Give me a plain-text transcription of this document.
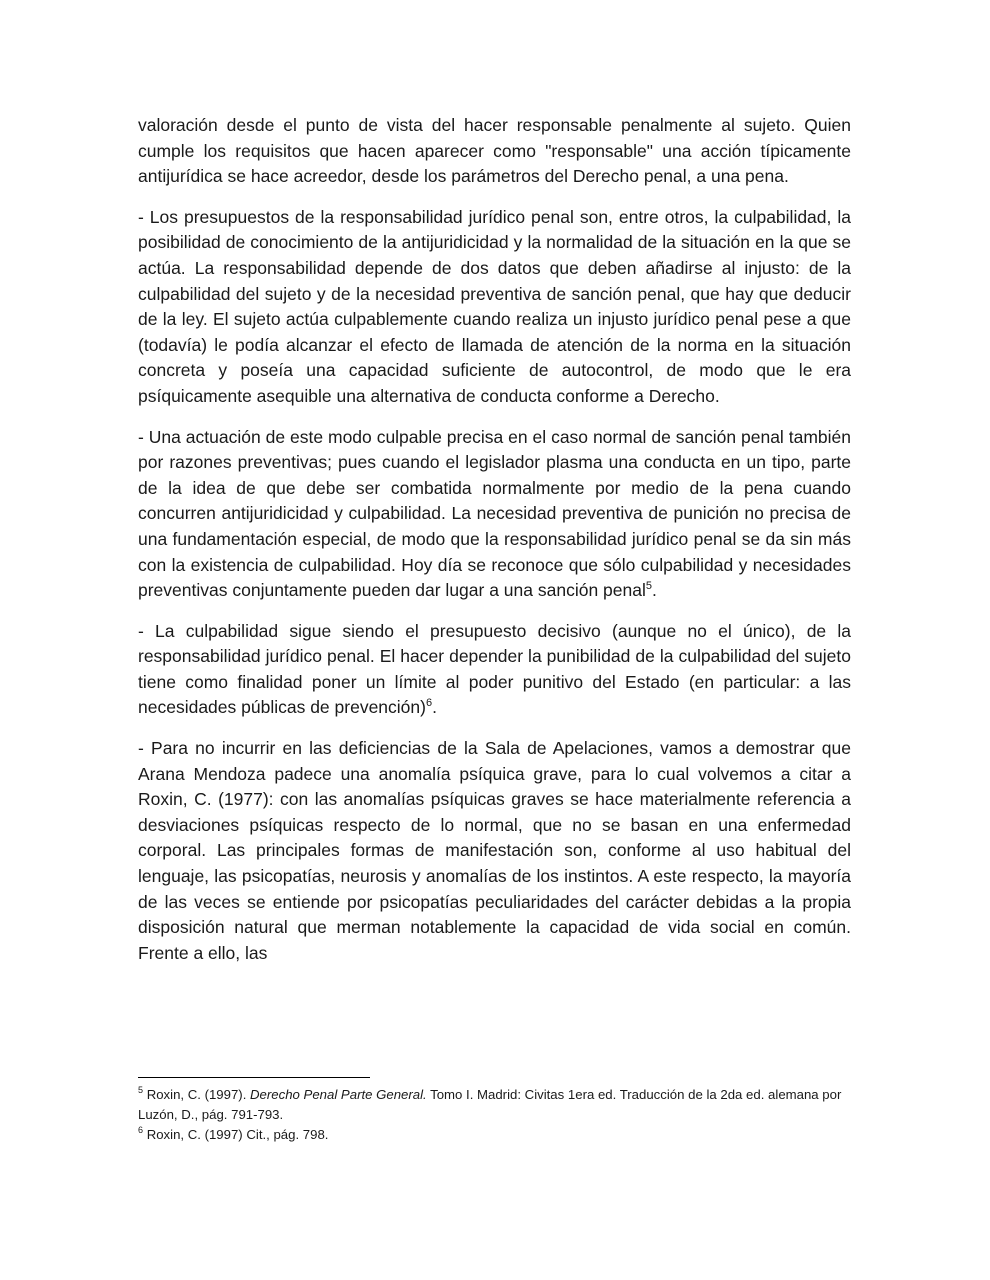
valoración desde el punto de vista del hacer responsable penalmente al sujeto. Quien cumple los requisitos que hacen aparecer como "responsable" una acción típicamente antijurídica se hace acreedor, desde los parámetros del Derecho penal, a una pena.

- Los presupuestos de la responsabilidad jurídico penal son, entre otros, la culpabilidad, la posibilidad de conocimiento de la antijuridicidad y la normalidad de la situación en la que se actúa. La responsabilidad depende de dos datos que deben añadirse al injusto: de la culpabilidad del sujeto y de la necesidad preventiva de sanción penal, que hay que deducir de la ley. El sujeto actúa culpablemente cuando realiza un injusto jurídico penal pese a que (todavía) le podía alcanzar el efecto de llamada de atención de la norma en la situación concreta y poseía una capacidad suficiente de autocontrol, de modo que le era psíquicamente asequible una alternativa de conducta conforme a Derecho.

- Una actuación de este modo culpable precisa en el caso normal de sanción penal también por razones preventivas; pues cuando el legislador plasma una conducta en un tipo, parte de la idea de que debe ser combatida normalmente por medio de la pena cuando concurren antijuridicidad y culpabilidad. La necesidad preventiva de punición no precisa de una fundamentación especial, de modo que la responsabilidad jurídico penal se da sin más con la existencia de culpabilidad. Hoy día se reconoce que sólo culpabilidad y necesidades preventivas conjuntamente pueden dar lugar a una sanción penal$^5$.

- La culpabilidad sigue siendo el presupuesto decisivo (aunque no el único), de la responsabilidad jurídico penal. El hacer depender la punibilidad de la culpabilidad del sujeto tiene como finalidad poner un límite al poder punitivo del Estado (en particular: a las necesidades públicas de prevención)$^6$.

- Para no incurrir en las deficiencias de la Sala de Apelaciones, vamos a demostrar que Arana Mendoza padece una anomalía psíquica grave, para lo cual volvemos a citar a Roxin, C. (1977): con las anomalías psíquicas graves se hace materialmente referencia a desviaciones psíquicas respecto de lo normal, que no se basan en una enfermedad corporal. Las principales formas de manifestación son, conforme al uso habitual del lenguaje, las psicopatías, neurosis y anomalías de los instintos. A este respecto, la mayoría de las veces se entiende por psicopatías peculiaridades del carácter debidas a la propia disposición natural que merman notablemente la capacidad de vida social en común. Frente a ello, las

$^5$ Roxin, C. (1997). Derecho Penal Parte General. Tomo I. Madrid: Civitas 1era ed. Traducción de la 2da ed. alemana por Luzón, D., pág. 791-793.

$^6$ Roxin, C. (1997) Cit., pág. 798.
